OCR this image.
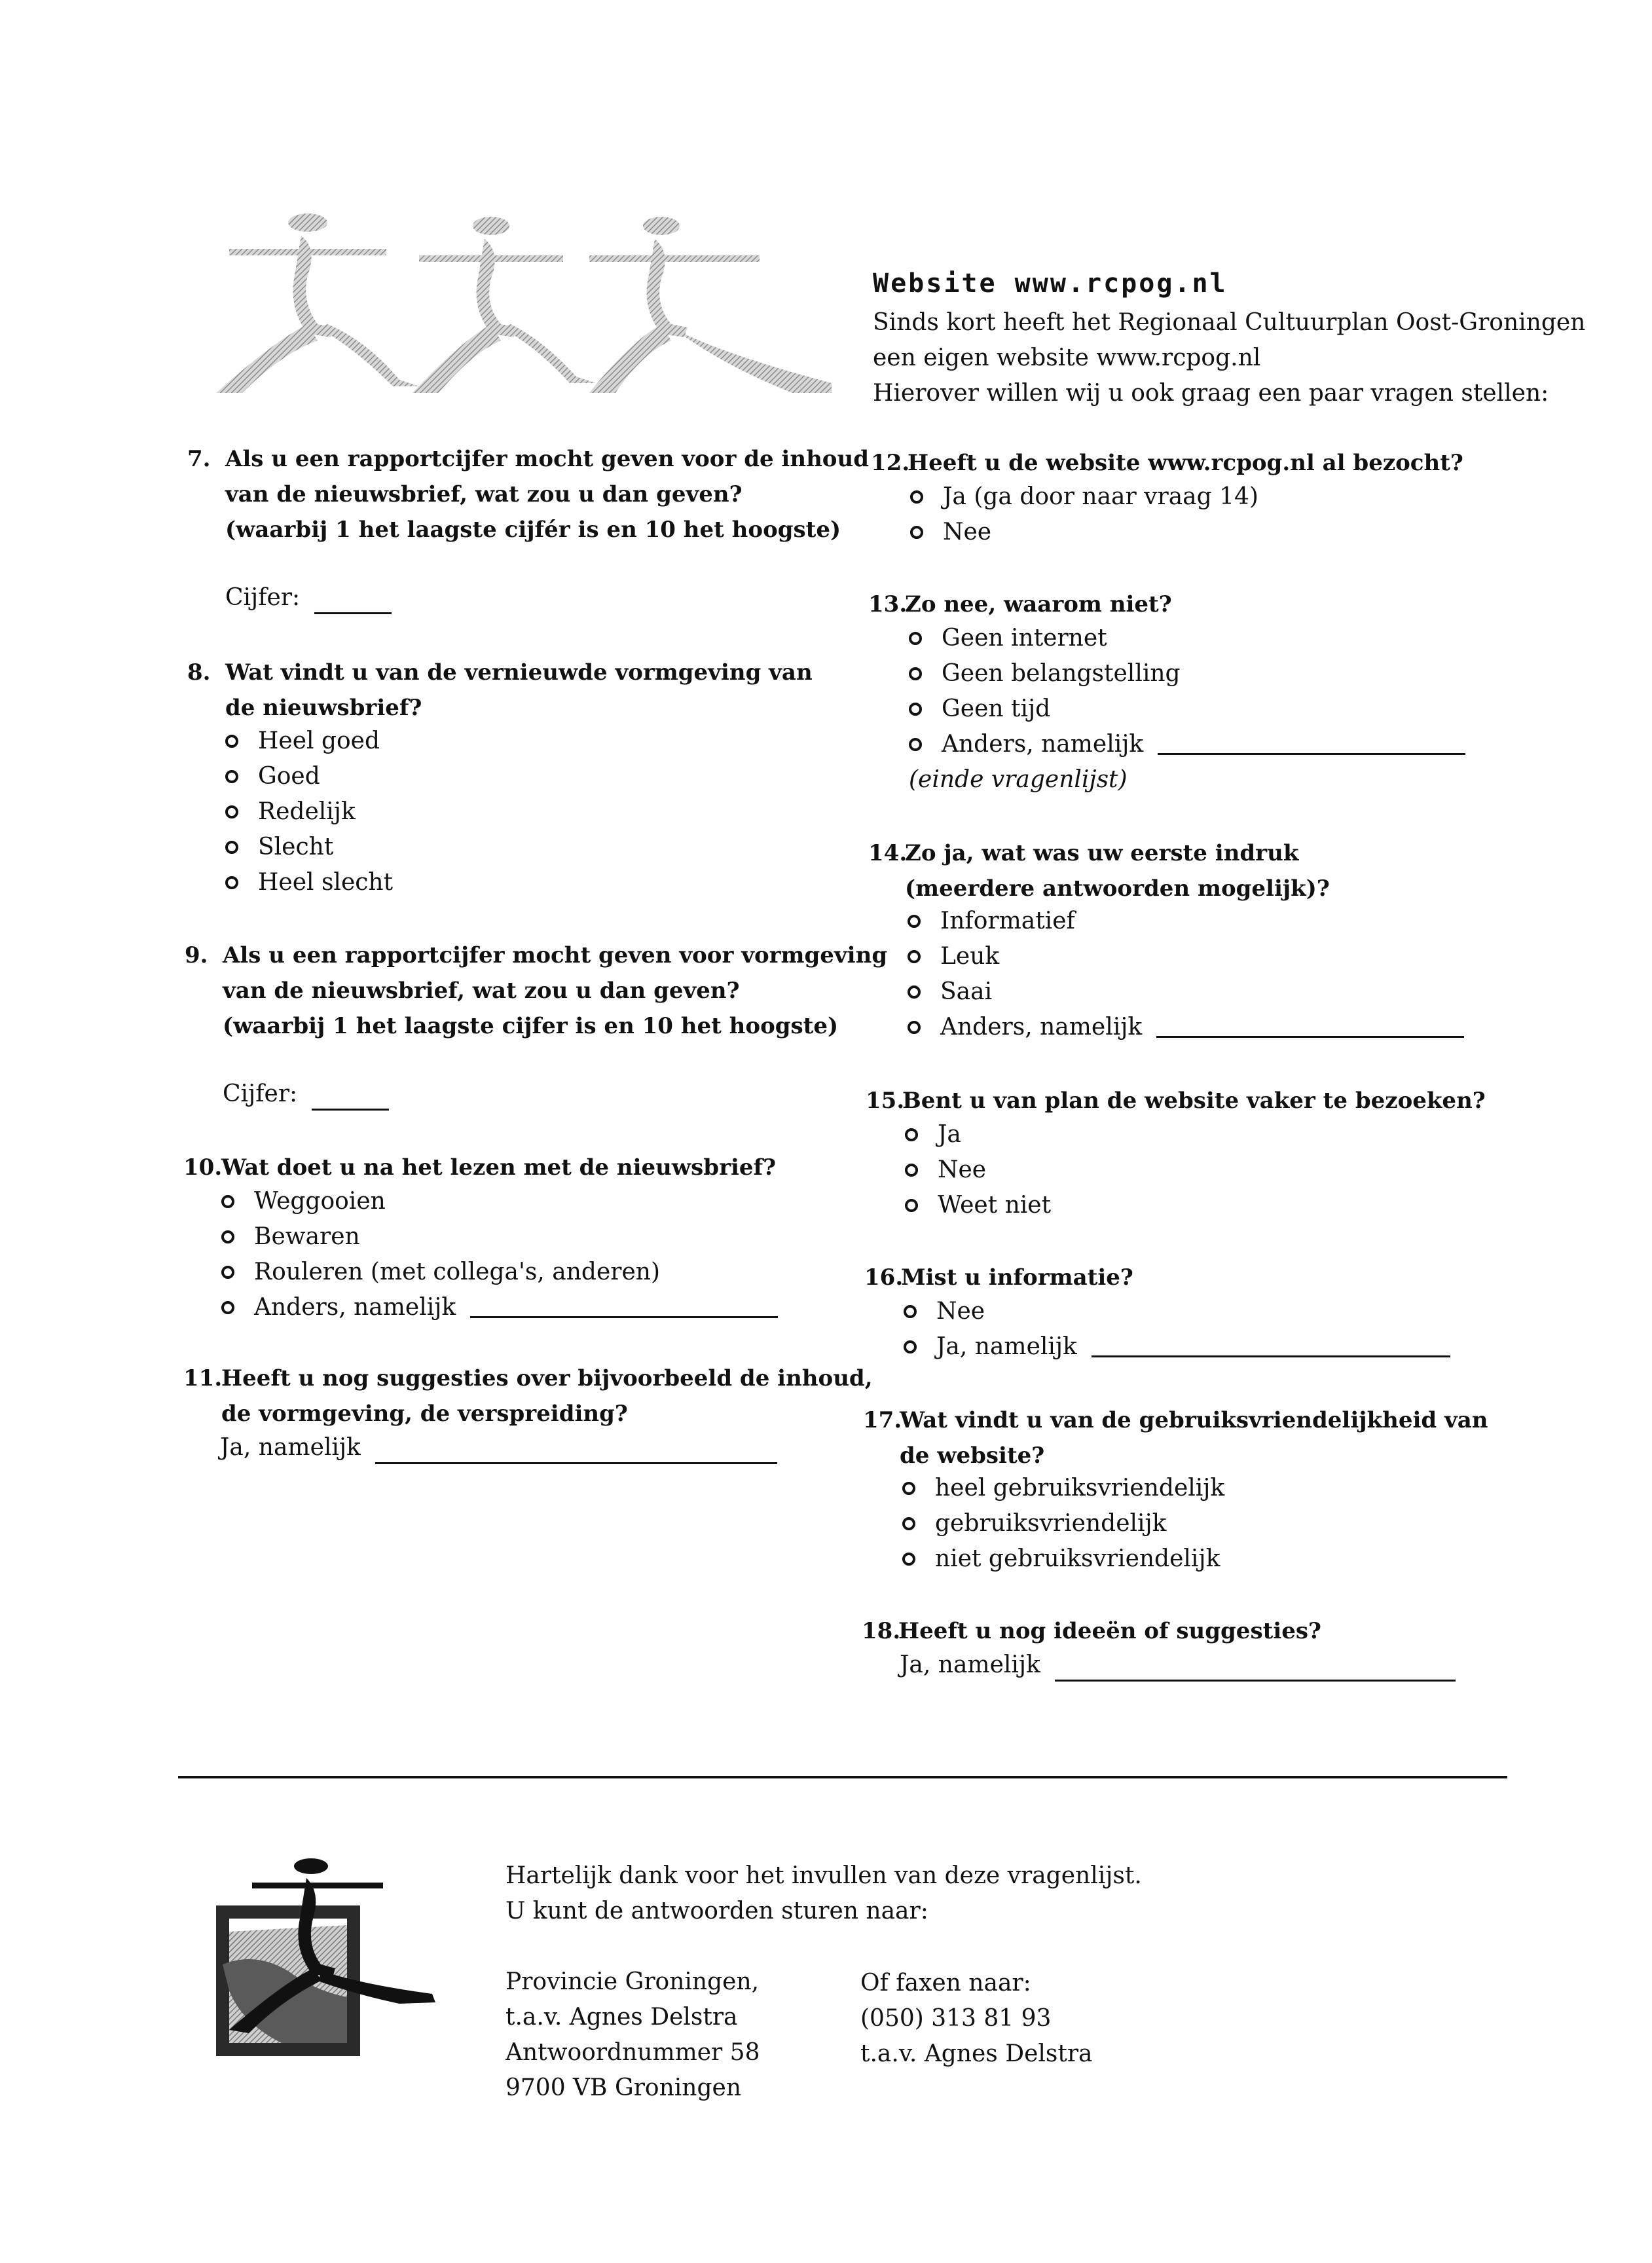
Website www.rcpog.nl
Sinds kort heeft het Regionaal Cultuurplan Oost-Groningen
een eigen website www.rcpog.nl
Hierover willen wij u ook graag een paar vragen stellen:
7. Als u een rapportcijfer mocht geven voor de inhoud
van de nieuwsbrief, wat zou u dan geven?
(waarbij 1 het laagste cijfér is en 10 het hoogste)
Cijfer:
8. Wat vindt u van de vernieuwde vormgeving van
de nieuwsbrief?
Heel goed
Goed
Redelijk
Slecht
Heel slecht
9. Als u een rapportcijfer mocht geven voor vormgeving
van de nieuwsbrief, wat zou u dan geven?
(waarbij 1 het laagste cijfer is en 10 het hoogste)
Cijfer:
10.
Wat doet u na het lezen met de nieuwsbrief?
Weggooien
Bewaren
Rouleren (met collega's, anderen)
Anders, namelijk
11.
Heeft u nog suggesties over bijvoorbeeld de inhoud,
de vormgeving, de verspreiding?
Ja, namelijk
12.
Heeft u de website www.rcpog.nl al bezocht?
Ja (ga door naar vraag 14)
Nee
13.
Zo nee, waarom niet?
Geen internet
Geen belangstelling
Geen tijd
Anders, namelijk
(einde vragenlijst)
14.
Zo ja, wat was uw eerste indruk
(meerdere antwoorden mogelijk)?
Informatief
Leuk
Saai
Anders, namelijk
15.
Bent u van plan de website vaker te bezoeken?
Ja
Nee
Weet niet
16.
Mist u informatie?
Nee
Ja, namelijk
17.
Wat vindt u van de gebruiksvriendelijkheid van
de website?
heel gebruiksvriendelijk
gebruiksvriendelijk
niet gebruiksvriendelijk
18.
Heeft u nog ideeën of suggesties?
Ja, namelijk
Hartelijk dank voor het invullen van deze vragenlijst.
U kunt de antwoorden sturen naar:
Provincie Groningen,
t.a.v. Agnes Delstra
Antwoordnummer 58
9700 VB Groningen
Of faxen naar:
(050) 313 81 93
t.a.v. Agnes Delstra
